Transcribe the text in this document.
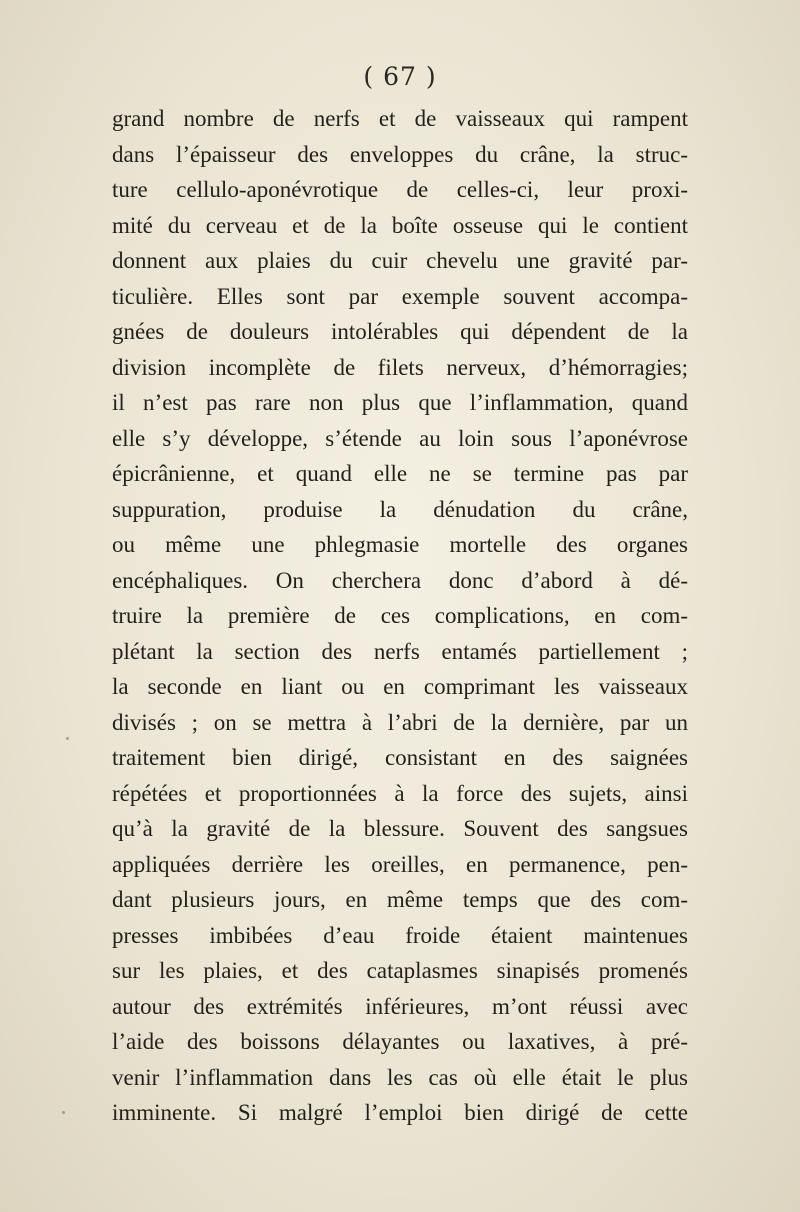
( 67 )
grand nombre de nerfs et de vaisseaux qui rampent
dans l’épaisseur des enveloppes du crâne, la struc-
ture cellulo-aponévrotique de celles-ci, leur proxi-
mité du cerveau et de la boîte osseuse qui le contient
donnent aux plaies du cuir chevelu une gravité par-
ticulière. Elles sont par exemple souvent accompa-
gnées de douleurs intolérables qui dépendent de la
division incomplète de filets nerveux, d’hémorragies;
il n’est pas rare non plus que l’inflammation, quand
elle s’y développe, s’étende au loin sous l’aponévrose
épicrânienne, et quand elle ne se termine pas par
suppuration, produise la dénudation du crâne,
ou même une phlegmasie mortelle des organes
encéphaliques. On cherchera donc d’abord à dé-
truire la première de ces complications, en com-
plétant la section des nerfs entamés partiellement ;
la seconde en liant ou en comprimant les vaisseaux
divisés ; on se mettra à l’abri de la dernière, par un
traitement bien dirigé, consistant en des saignées
répétées et proportionnées à la force des sujets, ainsi
qu’à la gravité de la blessure. Souvent des sangsues
appliquées derrière les oreilles, en permanence, pen-
dant plusieurs jours, en même temps que des com-
presses imbibées d’eau froide étaient maintenues
sur les plaies, et des cataplasmes sinapisés promenés
autour des extrémités inférieures, m’ont réussi avec
l’aide des boissons délayantes ou laxatives, à pré-
venir l’inflammation dans les cas où elle était le plus
imminente. Si malgré l’emploi bien dirigé de cette
